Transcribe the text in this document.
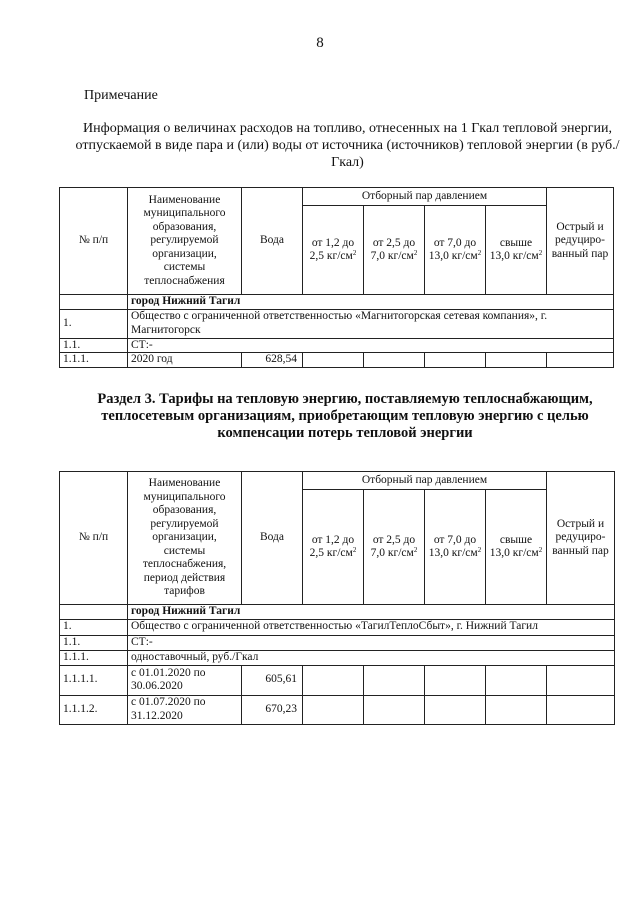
8
Примечание
Информация о величинах расходов на топливо, отнесенных на 1 Гкал тепловой энергии, отпускаемой в виде пара и (или) воды от источника (источников) тепловой энергии (в руб./Гкал)
№ п/п	Наименование муниципального образования, регулируемой организации, системы теплоснабжения	Вода	Отборный пар давлением				Острый и редуциро- ванный пар
			от 1,2 до 2,5 $кг/см^2$	от 2,5 до 7,0 $кг/см^2$	от 7,0 до 13,0 $кг/см^2$	свыше 13,0 $кг/см^2$
	город Нижний Тагил						
1.	Общество с ограниченной ответственностью «Магнитогорская сетевая компания», г. Магнитогорск						
1.1.	СТ:-						
1.1.1.	2020 год	628,54					
Раздел 3. Тарифы на тепловую энергию, поставляемую теплоснабжающим, теплосетевым организациям, приобретающим тепловую энергию с целью компенсации потерь тепловой энергии
№ п/п	Наименование муниципального образования, регулируемой организации, системы теплоснабжения, период действия тарифов	Вода	Отборный пар давлением				Острый и редуциро- ванный пар
			от 1,2 до 2,5 $кг/см^2$	от 2,5 до 7,0 $кг/см^2$	от 7,0 до 13,0 $кг/см^2$	свыше 13,0 $кг/см^2$
	город Нижний Тагил						
1.	Общество с ограниченной ответственностью «ТагилТеплоСбыт», г. Нижний Тагил						
1.1.	СТ:-						
1.1.1.	одноставочный, руб./Гкал						
1.1.1.1.	с 01.01.2020 по 30.06.2020	605,61					
1.1.1.2.	с 01.07.2020 по 31.12.2020	670,23					
